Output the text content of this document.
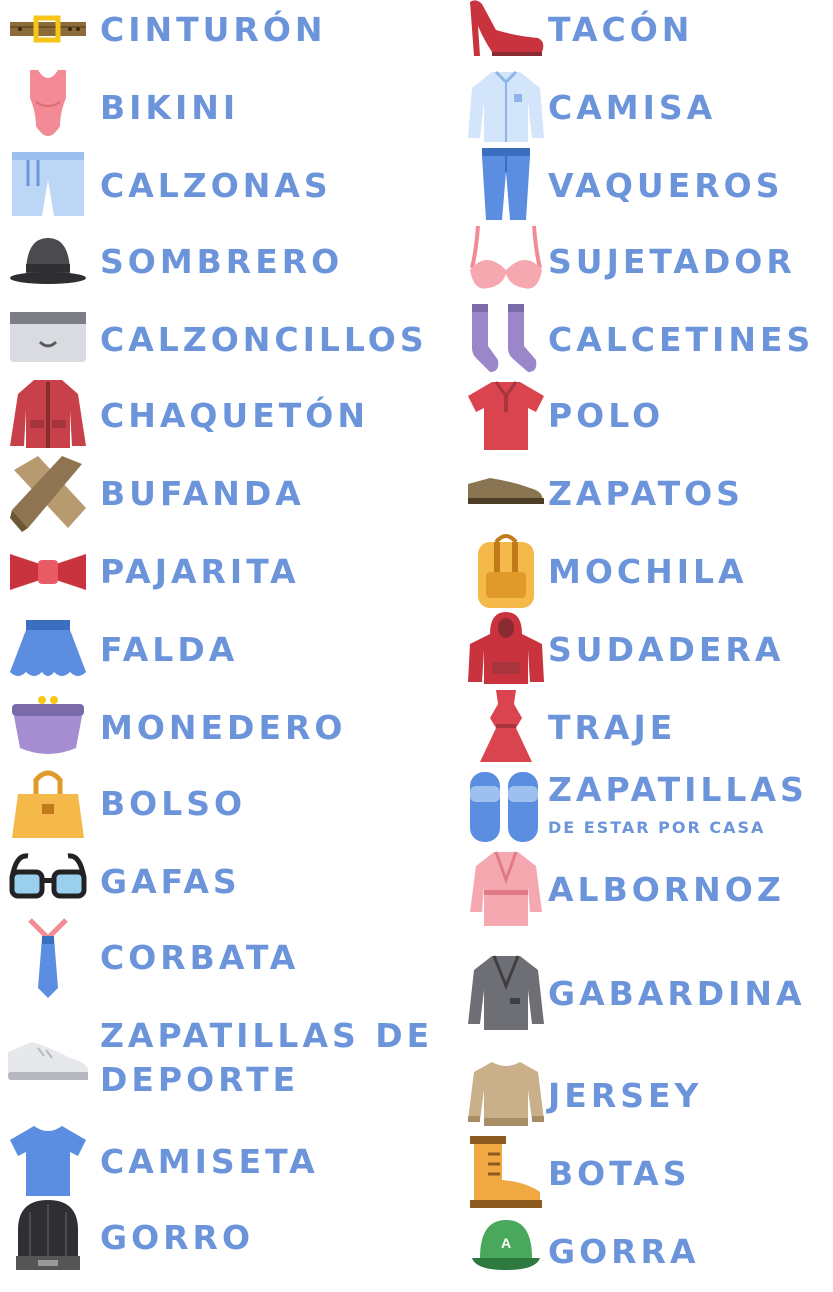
CINTURÓN
BIKINI
CALZONAS
SOMBRERO
CALZONCILLOS
CHAQUETÓN
BUFANDA
PAJARITA
FALDA
MONEDERO
BOLSO
GAFAS
CORBATA
ZAPATILLAS DE
DEPORTE
CAMISETA
GORRO
TACÓN
CAMISA
VAQUEROS
SUJETADOR
CALCETINES
POLO
ZAPATOS
MOCHILA
SUDADERA
TRAJE
ZAPATILLAS
DE ESTAR POR CASA
ALBORNOZ
GABARDINA
JERSEY
BOTAS
A GORRA
